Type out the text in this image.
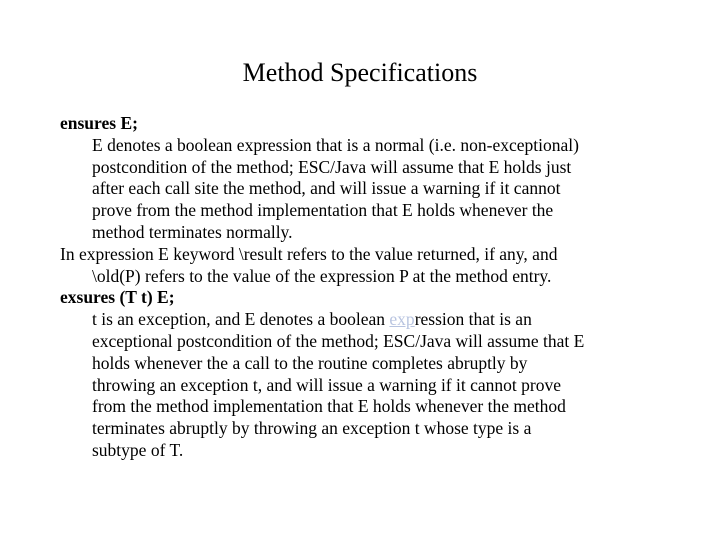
Method Specifications
ensures E;
E denotes a boolean expression that is a normal (i.e. non-exceptional)
postcondition of the method; ESC/Java will assume that E holds just
after each call site the method, and will issue a warning if it cannot
prove from the method implementation that E holds whenever the
method terminates normally.
In expression E keyword \result refers to the value returned, if any, and
\old(P) refers to the value of the expression P at the method entry.
exsures (T t) E;
t is an exception, and E denotes a boolean expression that is an
exceptional postcondition of the method; ESC/Java will assume that E
holds whenever the a call to the routine completes abruptly by
throwing an exception t, and will issue a warning if it cannot prove
from the method implementation that E holds whenever the method
terminates abruptly by throwing an exception t whose type is a
subtype of T.
